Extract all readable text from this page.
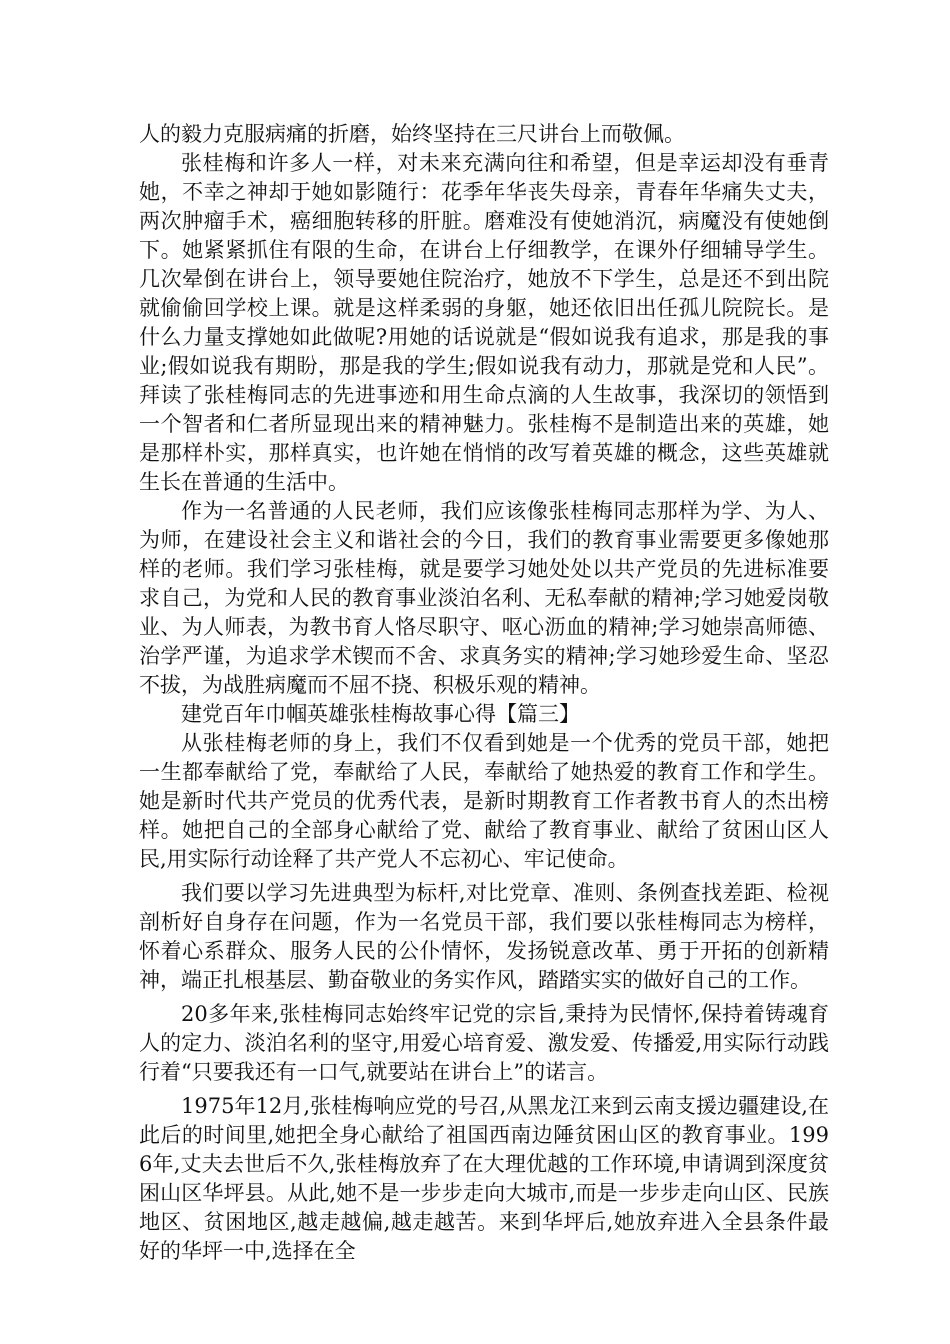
人的毅力克服病痛的折磨，始终坚持在三尺讲台上而敬佩。

张桂梅和许多人一样，对未来充满向往和希望，但是幸运却没有垂青她，不幸之神却于她如影随行：花季年华丧失母亲，青春年华痛失丈夫，两次肿瘤手术，癌细胞转移的肝脏。磨难没有使她消沉，病魔没有使她倒下。她紧紧抓住有限的生命，在讲台上仔细教学，在课外仔细辅导学生。几次晕倒在讲台上，领导要她住院治疗，她放不下学生，总是还不到出院就偷偷回学校上课。就是这样柔弱的身躯，她还依旧出任孤儿院院长。是什么力量支撑她如此做呢?用她的话说就是“假如说我有追求，那是我的事业;假如说我有期盼，那是我的学生;假如说我有动力，那就是党和人民”。拜读了张桂梅同志的先进事迹和用生命点滴的人生故事，我深切的领悟到一个智者和仁者所显现出来的精神魅力。张桂梅不是制造出来的英雄，她是那样朴实，那样真实，也许她在悄悄的改写着英雄的概念，这些英雄就生长在普通的生活中。

作为一名普通的人民老师，我们应该像张桂梅同志那样为学、为人、为师，在建设社会主义和谐社会的今日，我们的教育事业需要更多像她那样的老师。我们学习张桂梅，就是要学习她处处以共产党员的先进标准要求自己，为党和人民的教育事业淡泊名利、无私奉献的精神;学习她爱岗敬业、为人师表，为教书育人恪尽职守、呕心沥血的精神;学习她崇高师德、治学严谨，为追求学术锲而不舍、求真务实的精神;学习她珍爱生命、坚忍不拔，为战胜病魔而不屈不挠、积极乐观的精神。

建党百年巾帼英雄张桂梅故事心得【篇三】

从张桂梅老师的身上，我们不仅看到她是一个优秀的党员干部，她把一生都奉献给了党，奉献给了人民，奉献给了她热爱的教育工作和学生。她是新时代共产党员的优秀代表，是新时期教育工作者教书育人的杰出榜样。她把自己的全部身心献给了党、献给了教育事业、献给了贫困山区人民,用实际行动诠释了共产党人不忘初心、牢记使命。

我们要以学习先进典型为标杆,对比党章、准则、条例查找差距、检视剖析好自身存在问题，作为一名党员干部，我们要以张桂梅同志为榜样，怀着心系群众、服务人民的公仆情怀，发扬锐意改革、勇于开拓的创新精神，端正扎根基层、勤奋敬业的务实作风，踏踏实实的做好自己的工作。

20多年来,张桂梅同志始终牢记党的宗旨,秉持为民情怀,保持着铸魂育人的定力、淡泊名利的坚守,用爱心培育爱、激发爱、传播爱,用实际行动践行着“只要我还有一口气,就要站在讲台上”的诺言。

1975年12月,张桂梅响应党的号召,从黑龙江来到云南支援边疆建设,在此后的时间里,她把全身心献给了祖国西南边陲贫困山区的教育事业。1996年,丈夫去世后不久,张桂梅放弃了在大理优越的工作环境,申请调到深度贫困山区华坪县。从此,她不是一步步走向大城市,而是一步步走向山区、民族地区、贫困地区,越走越偏,越走越苦。来到华坪后,她放弃进入全县条件最好的华坪一中,选择在全
